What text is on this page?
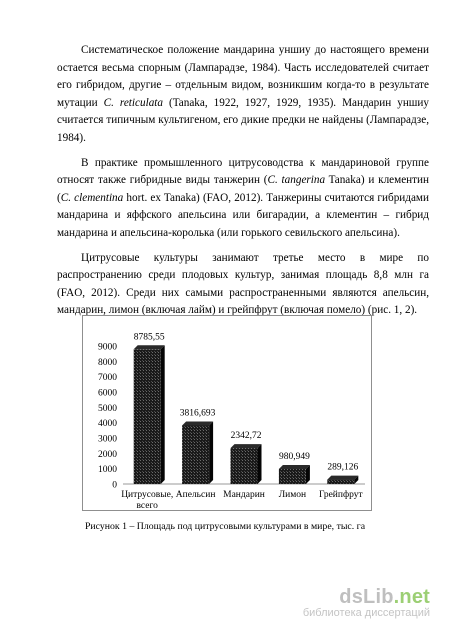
Систематическое положение мандарина уншиу до настоящего времени остается весьма спорным (Лампарадзе, 1984). Часть исследователей считает его гибридом, другие – отдельным видом, возникшим когда-то в результате мутации C. reticulata (Tanaka, 1922, 1927, 1929, 1935). Мандарин уншиу считается типичным культигеном, его дикие предки не найдены (Лампарадзе, 1984).

В практике промышленного цитрусоводства к мандариновой группе относят также гибридные виды танжерин (C. tangerina Tanaka) и клементин (C. clementina hort. ex Tanaka) (FAO, 2012). Танжерины считаются гибридами мандарина и яффского апельсина или бигарадии, а клементин – гибрид мандарина и апельсина-королька (или горького севильского апельсина).

Цитрусовые культуры занимают третье место в мире по распространению среди плодовых культур, занимая площадь 8,8 млн га (FAO, 2012). Среди них самыми распространенными являются апельсин, мандарин, лимон (включая лайм) и грейпфрут (включая помело) (рис. 1, 2).

0
1000
2000
3000
4000
5000
6000
7000
8000
9000
8785,55
Цитрусовые,
всего
3816,693
Апельсин
2342,72
Мандарин
980,949
Лимон
289,126
Грейпфрут
Рисунок 1 – Площадь под цитрусовыми культурами в мире, тыс. га
dsLib.net
библиотека диссертаций
